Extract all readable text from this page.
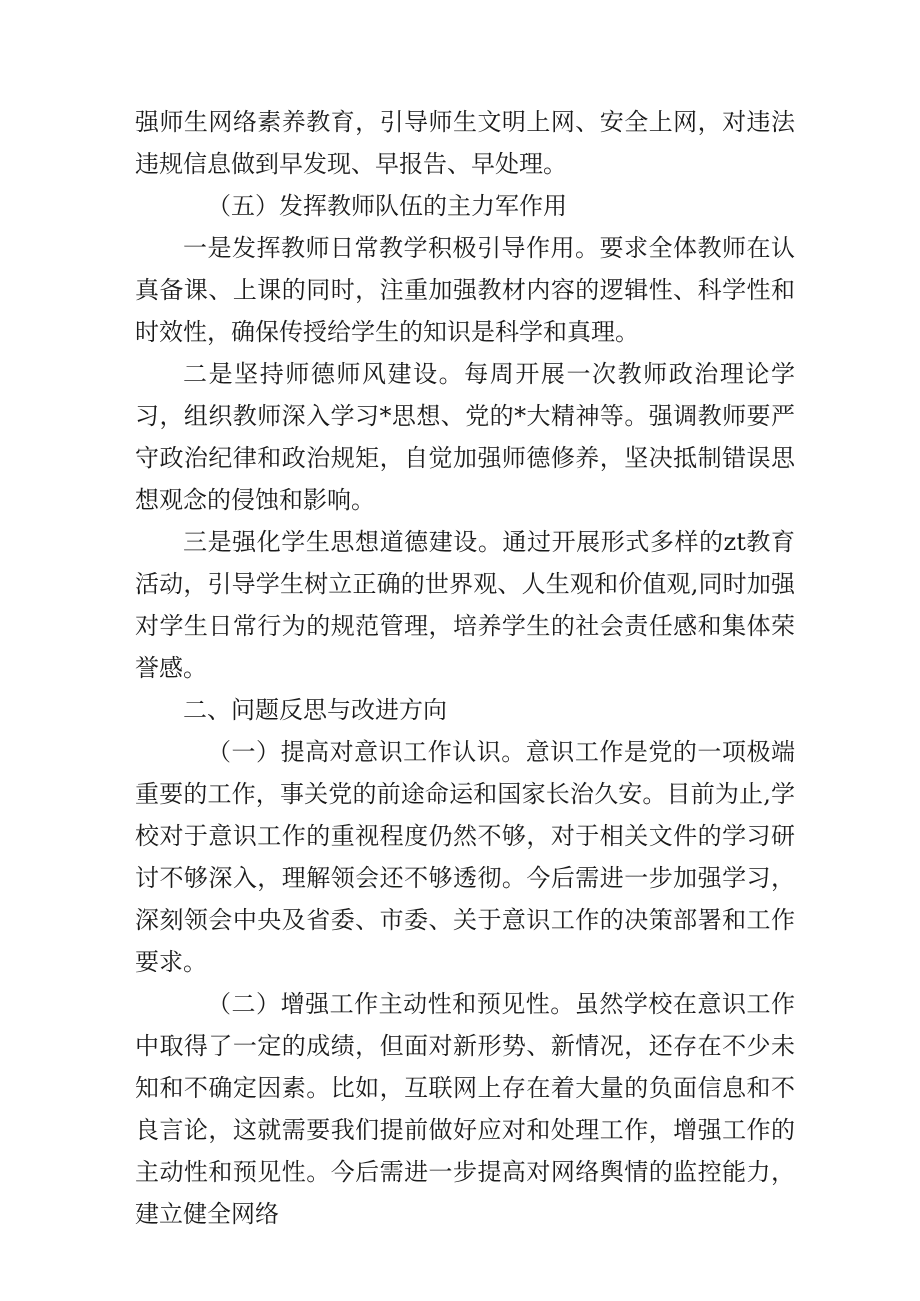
强师生网络素养教育，引导师生文明上网、安全上网，对违法违规信息做到早发现、早报告、早处理。

（五）发挥教师队伍的主力军作用

一是发挥教师日常教学积极引导作用。要求全体教师在认真备课、上课的同时，注重加强教材内容的逻辑性、科学性和时效性，确保传授给学生的知识是科学和真理。

二是坚持师德师风建设。每周开展一次教师政治理论学习，组织教师深入学习*思想、党的*大精神等。强调教师要严守政治纪律和政治规矩，自觉加强师德修养，坚决抵制错误思想观念的侵蚀和影响。

三是强化学生思想道德建设。通过开展形式多样的zt教育活动，引导学生树立正确的世界观、人生观和价值观,同时加强对学生日常行为的规范管理，培养学生的社会责任感和集体荣誉感。

二、问题反思与改进方向

（一）提高对意识工作认识。意识工作是党的一项极端重要的工作，事关党的前途命运和国家长治久安。目前为止,学校对于意识工作的重视程度仍然不够，对于相关文件的学习研讨不够深入，理解领会还不够透彻。今后需进一步加强学习，深刻领会中央及省委、市委、关于意识工作的决策部署和工作要求。

（二）增强工作主动性和预见性。虽然学校在意识工作中取得了一定的成绩，但面对新形势、新情况，还存在不少未知和不确定因素。比如，互联网上存在着大量的负面信息和不良言论，这就需要我们提前做好应对和处理工作，增强工作的主动性和预见性。今后需进一步提高对网络舆情的监控能力，建立健全网络
